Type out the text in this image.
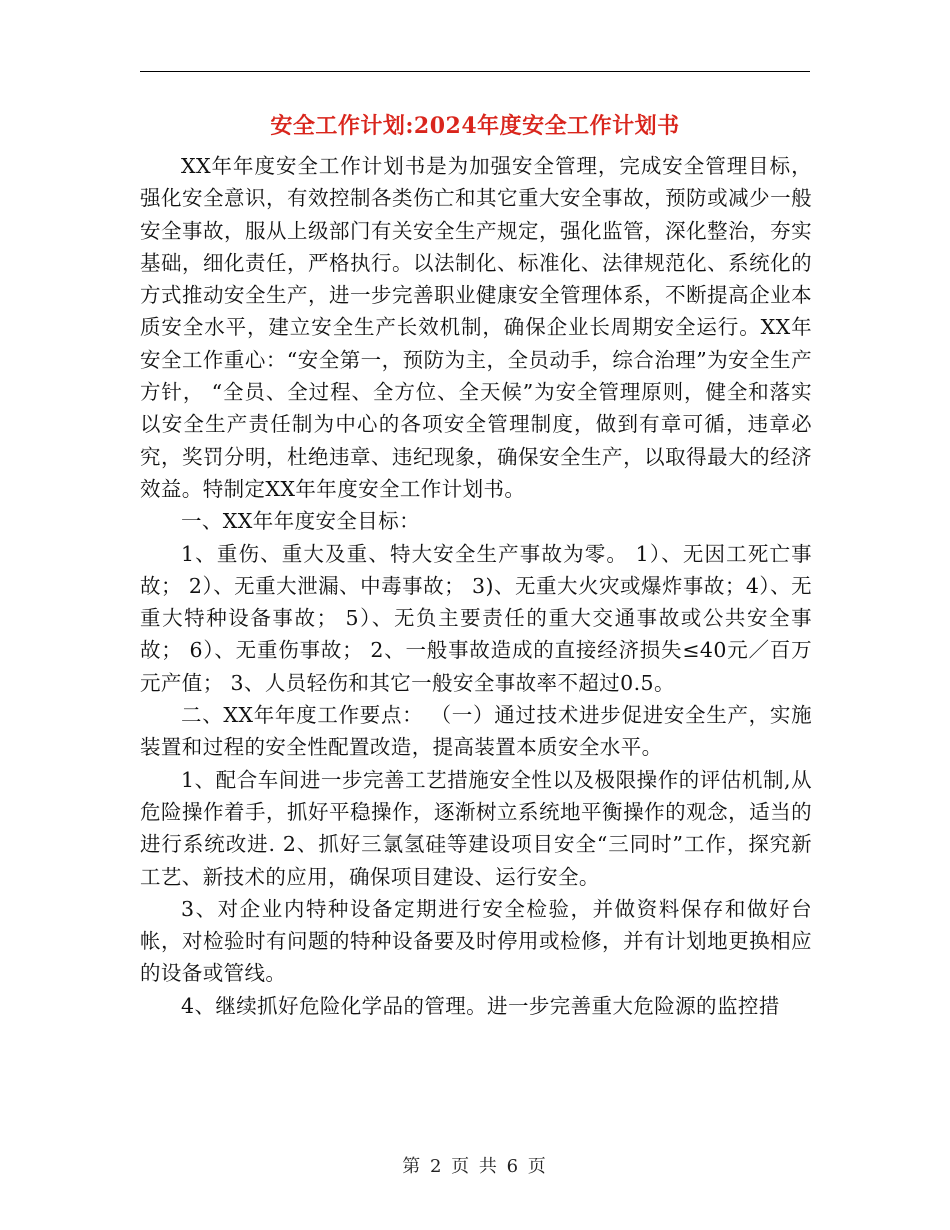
安全工作计划:2024年度安全工作计划书

XX年年度安全工作计划书是为加强安全管理，完成安全管理目标，强化安全意识，有效控制各类伤亡和其它重大安全事故，预防或减少一般安全事故，服从上级部门有关安全生产规定，强化监管，深化整治，夯实基础，细化责任，严格执行。以法制化、标准化、法律规范化、系统化的方式推动安全生产，进一步完善职业健康安全管理体系，不断提高企业本质安全水平，建立安全生产长效机制，确保企业长周期安全运行。XX年安全工作重心：“安全第一，预防为主，全员动手，综合治理”为安全生产方针， “全员、全过程、全方位、全天候”为安全管理原则，健全和落实以安全生产责任制为中心的各项安全管理制度，做到有章可循，违章必究，奖罚分明，杜绝违章、违纪现象，确保安全生产，以取得最大的经济效益。特制定XX年年度安全工作计划书。

一、XX年年度安全目标：

1、重伤、重大及重、特大安全生产事故为零。 1）、无因工死亡事故； 2）、无重大泄漏、中毒事故； 3)、无重大火灾或爆炸事故；4）、无重大特种设备事故； 5）、无负主要责任的重大交通事故或公共安全事故； 6）、无重伤事故； 2、一般事故造成的直接经济损失≤40元／百万元产值； 3、人员轻伤和其它一般安全事故率不超过0.5。

二、XX年年度工作要点： （一）通过技术进步促进安全生产，实施装置和过程的安全性配置改造，提高装置本质安全水平。

1、配合车间进一步完善工艺措施安全性以及极限操作的评估机制,从危险操作着手，抓好平稳操作，逐渐树立系统地平衡操作的观念，适当的进行系统改进. 2、抓好三氯氢硅等建设项目安全“三同时”工作，探究新工艺、新技术的应用，确保项目建设、运行安全。

3、对企业内特种设备定期进行安全检验，并做资料保存和做好台帐，对检验时有问题的特种设备要及时停用或检修，并有计划地更换相应的设备或管线。

4、继续抓好危险化学品的管理。进一步完善重大危险源的监控措

第 2 页 共 6 页
